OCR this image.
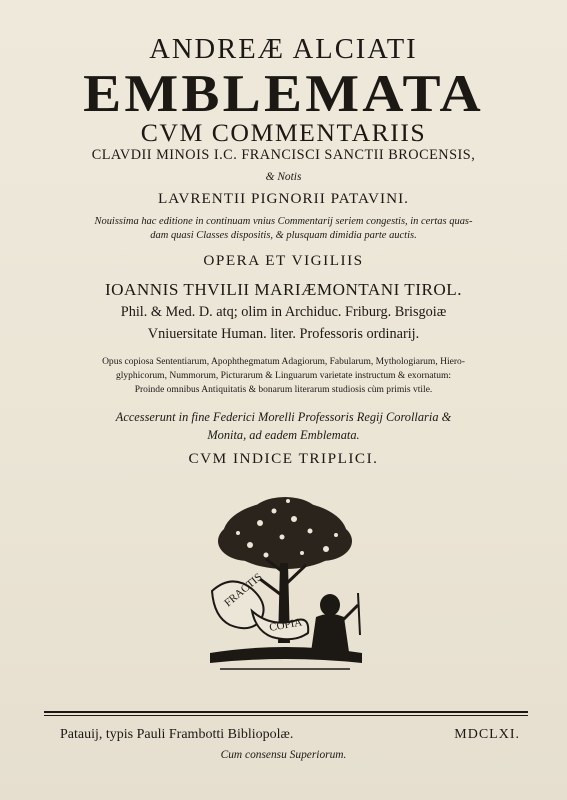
ANDREÆ ALCIATI
EMBLEMATA
CVM COMMENTARIIS
CLAVDII MINOIS I.C. FRANCISCI SANCTII BROCENSIS,
& Notis
LAVRENTII PIGNORII PATAVINI.
Nouissima hac editione in continuam vnius Commentarij seriem congestis, in certas quas-
dam quasi Classes dispositis, & plusquam dimidia parte auctis.
OPERA ET VIGILIIS
IOANNIS THVILII MARIÆMONTANI TIROL.
Phil. & Med. D. atq; olim in Archiduc. Friburg. Brisgoiæ
Vniuersitate Human. liter. Professoris ordinarij.
Opus copiosa Sententiarum, Apophthegmatum Adagiorum, Fabularum, Mythologiarum, Hiero-
glyphicorum, Nummorum, Picturarum & Linguarum varietate instructum & exornatum:
Proinde omnibus Antiquitatis & bonarum literarum studiosis cùm primis vtile.
Accesserunt in fine Federici Morelli Professoris Regij Corollaria &
Monita, ad eadem Emblemata.
CVM INDICE TRIPLICI.
FRACTIS
COPIA
Patauij, typis Pauli Frambotti Bibliopolæ.	MDCLXI.
Cum consensu Superiorum.
